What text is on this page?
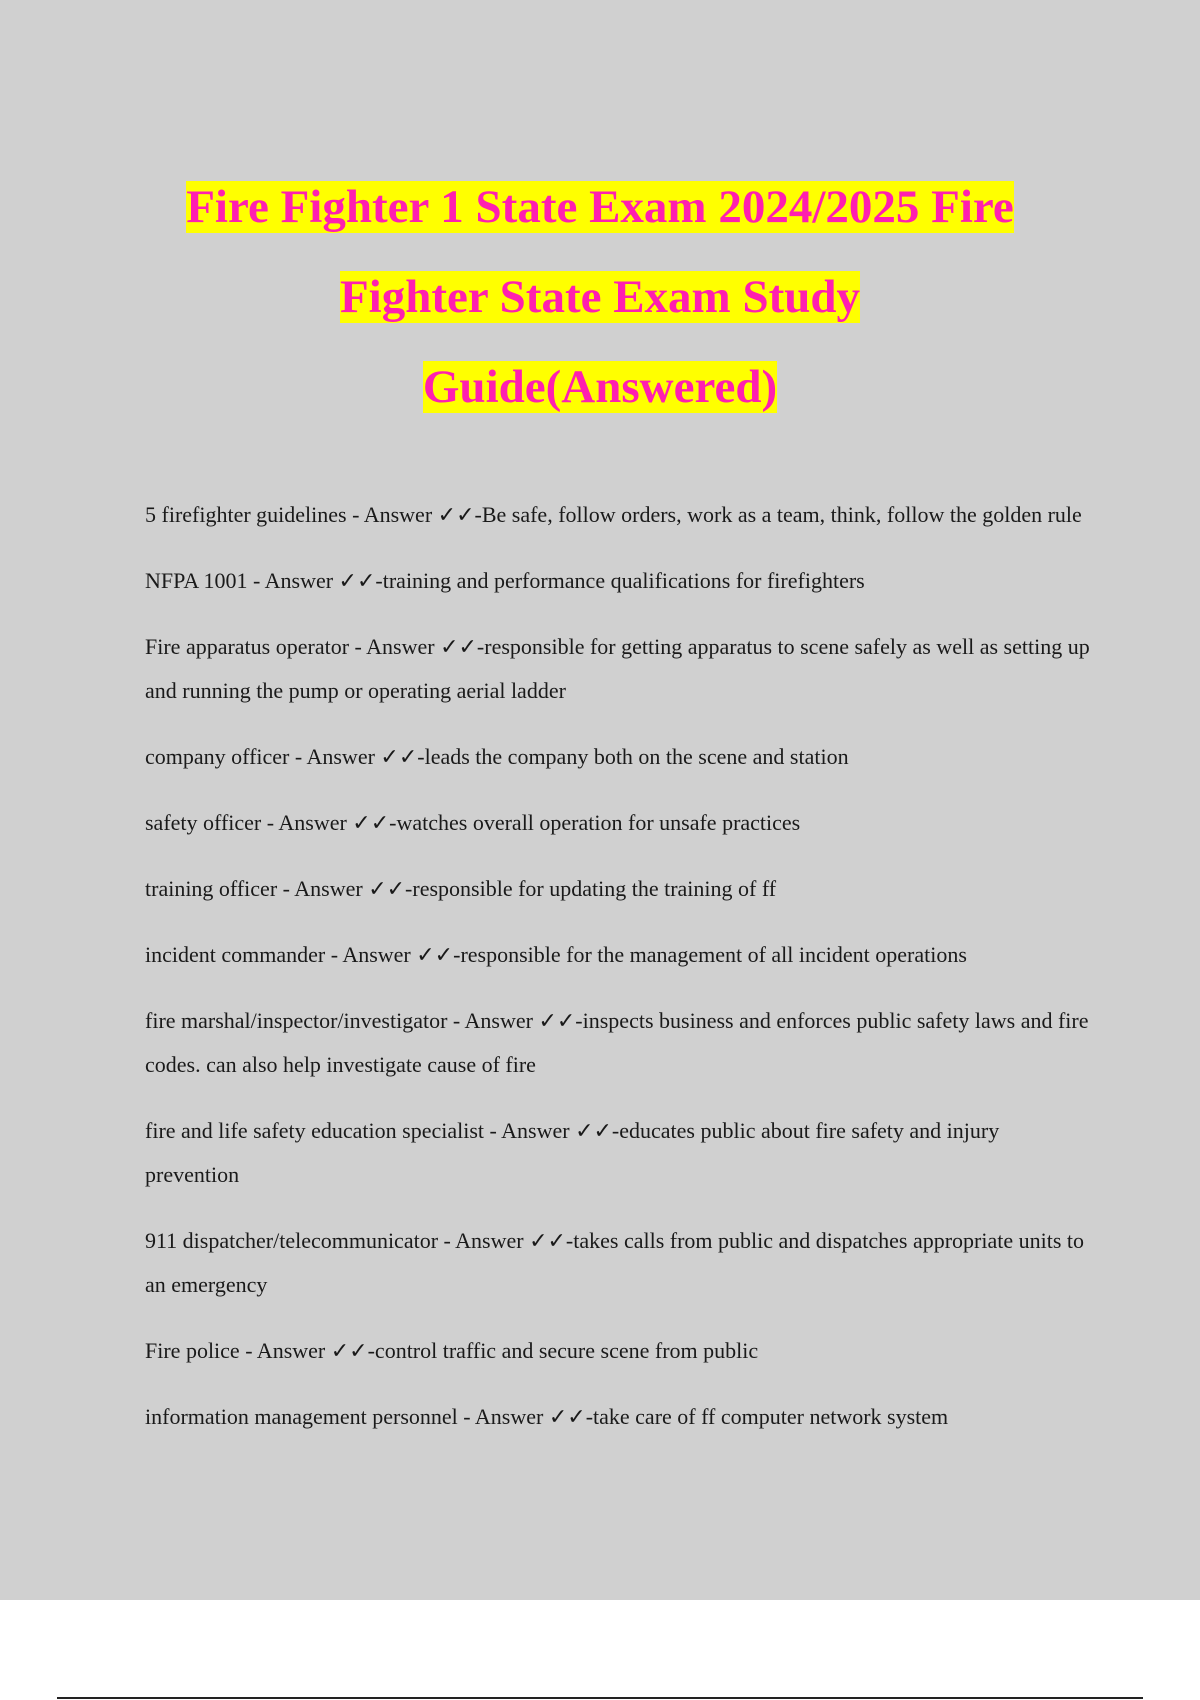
Fire Fighter 1 State Exam 2024/2025 Fire
Fighter State Exam Study
Guide(Answered)

5 firefighter guidelines - Answer ✓✓-Be safe, follow orders, work as a team, think, follow the golden rule

NFPA 1001 - Answer ✓✓-training and performance qualifications for firefighters

Fire apparatus operator - Answer ✓✓-responsible for getting apparatus to scene safely as well as setting up and running the pump or operating aerial ladder

company officer - Answer ✓✓-leads the company both on the scene and station

safety officer - Answer ✓✓-watches overall operation for unsafe practices

training officer - Answer ✓✓-responsible for updating the training of ff

incident commander - Answer ✓✓-responsible for the management of all incident operations

fire marshal/inspector/investigator - Answer ✓✓-inspects business and enforces public safety laws and fire codes. can also help investigate cause of fire

fire and life safety education specialist - Answer ✓✓-educates public about fire safety and injury prevention

911 dispatcher/telecommunicator - Answer ✓✓-takes calls from public and dispatches appropriate units to an emergency

Fire police - Answer ✓✓-control traffic and secure scene from public

information management personnel - Answer ✓✓-take care of ff computer network system
